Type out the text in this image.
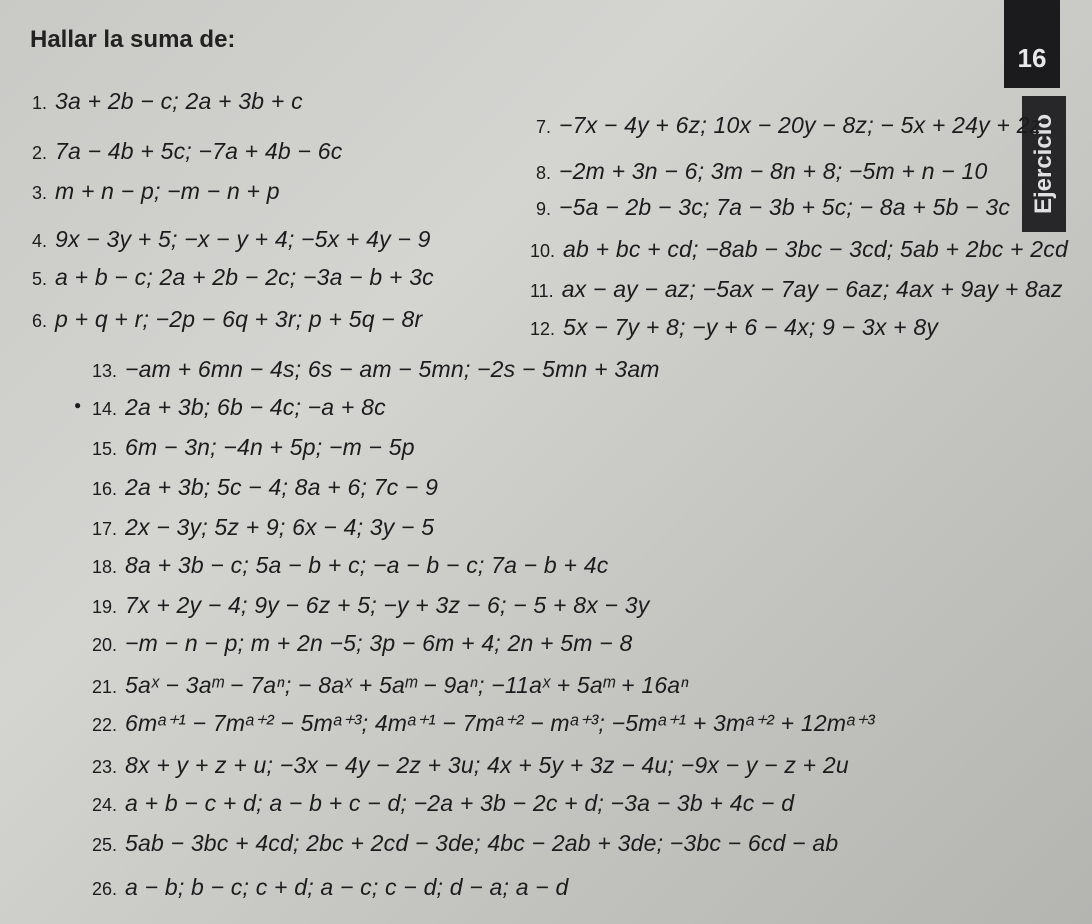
Hallar la suma de:
16
Ejercicio
●
1. 3a + 2b − c; 2a + 3b + c
2. 7a − 4b + 5c; −7a + 4b − 6c
3. m + n − p; −m − n + p
4. 9x − 3y + 5; −x − y + 4; −5x + 4y − 9
5. a + b − c; 2a + 2b − 2c; −3a − b + 3c
6. p + q + r; −2p − 6q + 3r; p + 5q − 8r
7. −7x − 4y + 6z; 10x − 20y − 8z; − 5x + 24y + 2z
8. −2m + 3n − 6; 3m − 8n + 8; −5m + n − 10
9. −5a − 2b − 3c; 7a − 3b + 5c; − 8a + 5b − 3c
10. ab + bc + cd; −8ab − 3bc − 3cd; 5ab + 2bc + 2cd
11. ax − ay − az; −5ax − 7ay − 6az; 4ax + 9ay + 8az
12. 5x − 7y + 8; −y + 6 − 4x; 9 − 3x + 8y
13. −am + 6mn − 4s; 6s − am − 5mn; −2s − 5mn + 3am
14. 2a + 3b; 6b − 4c; −a + 8c
15. 6m − 3n; −4n + 5p; −m − 5p
16. 2a + 3b; 5c − 4; 8a + 6; 7c − 9
17. 2x − 3y; 5z + 9; 6x − 4; 3y − 5
18. 8a + 3b − c; 5a − b + c; −a − b − c; 7a − b + 4c
19. 7x + 2y − 4; 9y − 6z + 5; −y + 3z − 6; − 5 + 8x − 3y
20. −m − n − p; m + 2n −5; 3p − 6m + 4; 2n + 5m − 8
21. 5aˣ − 3aᵐ − 7aⁿ; − 8aˣ + 5aᵐ − 9aⁿ; −11aˣ + 5aᵐ + 16aⁿ
22. 6mᵃ⁺¹ − 7mᵃ⁺² − 5mᵃ⁺³; 4mᵃ⁺¹ − 7mᵃ⁺² − mᵃ⁺³; −5mᵃ⁺¹ + 3mᵃ⁺² + 12mᵃ⁺³
23. 8x + y + z + u; −3x − 4y − 2z + 3u; 4x + 5y + 3z − 4u; −9x − y − z + 2u
24. a + b − c + d; a − b + c − d; −2a + 3b − 2c + d; −3a − 3b + 4c − d
25. 5ab − 3bc + 4cd; 2bc + 2cd − 3de; 4bc − 2ab + 3de; −3bc − 6cd − ab
26. a − b; b − c; c + d; a − c; c − d; d − a; a − d
